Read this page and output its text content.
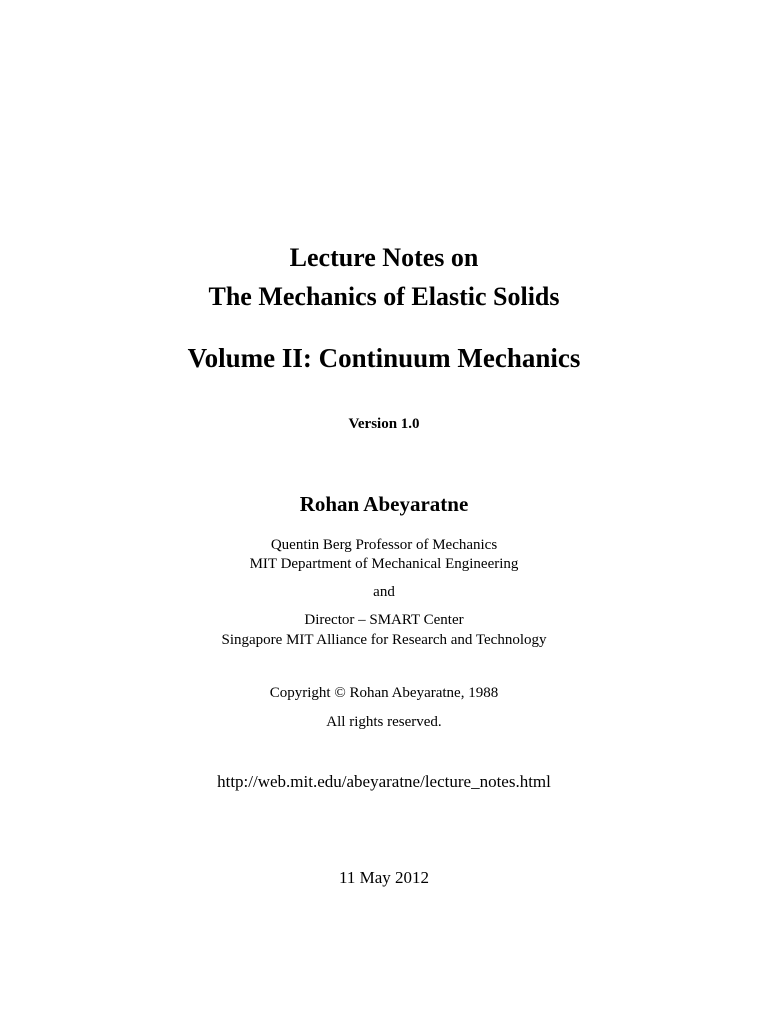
Lecture Notes on
The Mechanics of Elastic Solids
Volume II: Continuum Mechanics
Version 1.0
Rohan Abeyaratne
Quentin Berg Professor of Mechanics
MIT Department of Mechanical Engineering
and
Director – SMART Center
Singapore MIT Alliance for Research and Technology
Copyright © Rohan Abeyaratne, 1988
All rights reserved.
http://web.mit.edu/abeyaratne/lecture_notes.html
11 May 2012
